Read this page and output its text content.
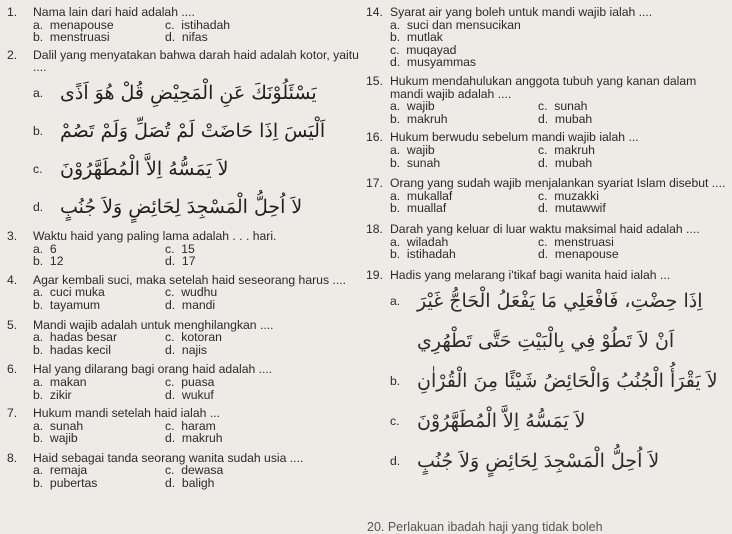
1. Nama lain dari haid adalah ....
a.  menapouse	c.  istihadah
b.  menstruasi	d.  nifas
2. Dalil yang menyatakan bahwa darah haid adalah kotor, yaitu ....
a. يَسْئَلُوْنَكَ عَنِ الْمَحِيْضِ قُلْ هُوَ اَذًى
b. اَلْيَسَ اِذَا حَاضَتْ لَمْ تُصَلِّ وَلَمْ تَصُمْ
c. لاَ يَمَسُّهُ اِلاَّ الْمُطَهَّرُوْنَ
d. لاَ اُحِلُّ الْمَسْجِدَ لِحَائِضٍ وَلاَ جُنُبٍ
3. Waktu haid yang paling lama adalah . . . hari.
a.  6	c.  15
b.  12	d.  17
4. Agar kembali suci, maka setelah haid seseorang harus ....
a.  cuci muka	c.  wudhu
b.  tayamum	d.  mandi
5. Mandi wajib adalah untuk menghilangkan ....
a.  hadas besar	c.  kotoran
b.  hadas kecil	d.  najis
6. Hal yang dilarang bagi orang haid adalah ....
a.  makan	c.  puasa
b.  zikir	d.  wukuf
7. Hukum mandi setelah haid ialah ...
a.  sunah	c.  haram
b.  wajib	d.  makruh
8. Haid sebagai tanda seorang wanita sudah usia ....
a.  remaja	c.  dewasa
b.  pubertas	d.  baligh
14. Syarat air yang boleh untuk mandi wajib ialah ....
a.  suci dan mensucikan
b.  mutlak
c.  muqayad
d.  musyammas
15. Hukum mendahulukan anggota tubuh yang kanan dalam mandi wajib adalah ....
a.  wajib	c.  sunah
b.  makruh	d.  mubah
16. Hukum berwudu sebelum mandi wajib ialah ...
a.  wajib	c.  makruh
b.  sunah	d.  mubah
17. Orang yang sudah wajib menjalankan syariat Islam disebut ....
a.  mukallaf	c.  muzakki
b.  muallaf	d.  mutawwif
18. Darah yang keluar di luar waktu maksimal haid adalah ....
a.  wiladah	c.  menstruasi
b.  istihadah	d.  menapouse
19. Hadis yang melarang i'tikaf bagi wanita haid ialah ...
a. اِذَا حِضْتِ، فَافْعَلِي مَا يَفْعَلُ الْحَاجُّ غَيْرَ
اَنْ لاَ تَطُوْ فِي بِالْبَيْتِ حَتَّى تَطْهُرِي
b. لاَ يَقْرَأُ الْجُنُبُ وَالْحَائِضُ شَيْئًا مِنَ الْقُرْاٰنِ
c. لاَ يَمَسُّهُ اِلاَّ الْمُطَهَّرُوْنَ
d. لاَ اُحِلُّ الْمَسْجِدَ لِحَائِضٍ وَلاَ جُنُبٍ
20. Perlakuan ibadah haji yang tidak boleh
